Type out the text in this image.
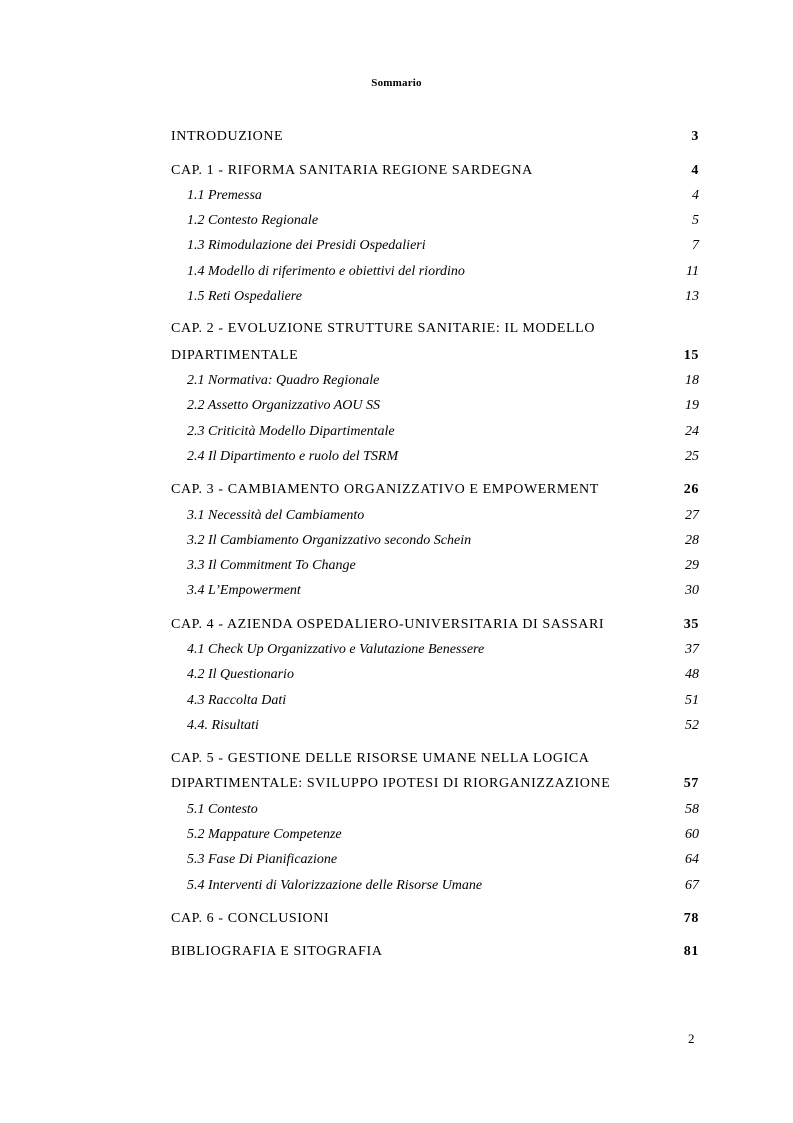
Sommario
INTRODUZIONE	3
CAP. 1 - RIFORMA SANITARIA REGIONE SARDEGNA	4
1.1 Premessa	4
1.2 Contesto Regionale	5
1.3 Rimodulazione dei Presidi Ospedalieri	7
1.4 Modello di riferimento e obiettivi del riordino	11
1.5 Reti Ospedaliere	13
CAP. 2 - EVOLUZIONE STRUTTURE SANITARIE: IL MODELLO
DIPARTIMENTALE	15
2.1 Normativa: Quadro Regionale	18
2.2 Assetto Organizzativo AOU SS	19
2.3 Criticità Modello Dipartimentale	24
2.4 Il Dipartimento e ruolo del TSRM	25
CAP. 3 - CAMBIAMENTO ORGANIZZATIVO E EMPOWERMENT	26
3.1 Necessità del Cambiamento	27
3.2 Il Cambiamento Organizzativo secondo Schein	28
3.3 Il Commitment To Change	29
3.4 L’Empowerment	30
CAP. 4 - AZIENDA OSPEDALIERO-UNIVERSITARIA DI SASSARI	35
4.1 Check Up Organizzativo e Valutazione Benessere	37
4.2 Il Questionario	48
4.3 Raccolta Dati	51
4.4. Risultati	52
CAP. 5 - GESTIONE DELLE RISORSE UMANE NELLA LOGICA
DIPARTIMENTALE: SVILUPPO IPOTESI DI RIORGANIZZAZIONE	57
5.1 Contesto	58
5.2 Mappature Competenze	60
5.3 Fase Di Pianificazione	64
5.4 Interventi di Valorizzazione delle Risorse Umane	67
CAP. 6 - CONCLUSIONI	78
BIBLIOGRAFIA E SITOGRAFIA	81
2
